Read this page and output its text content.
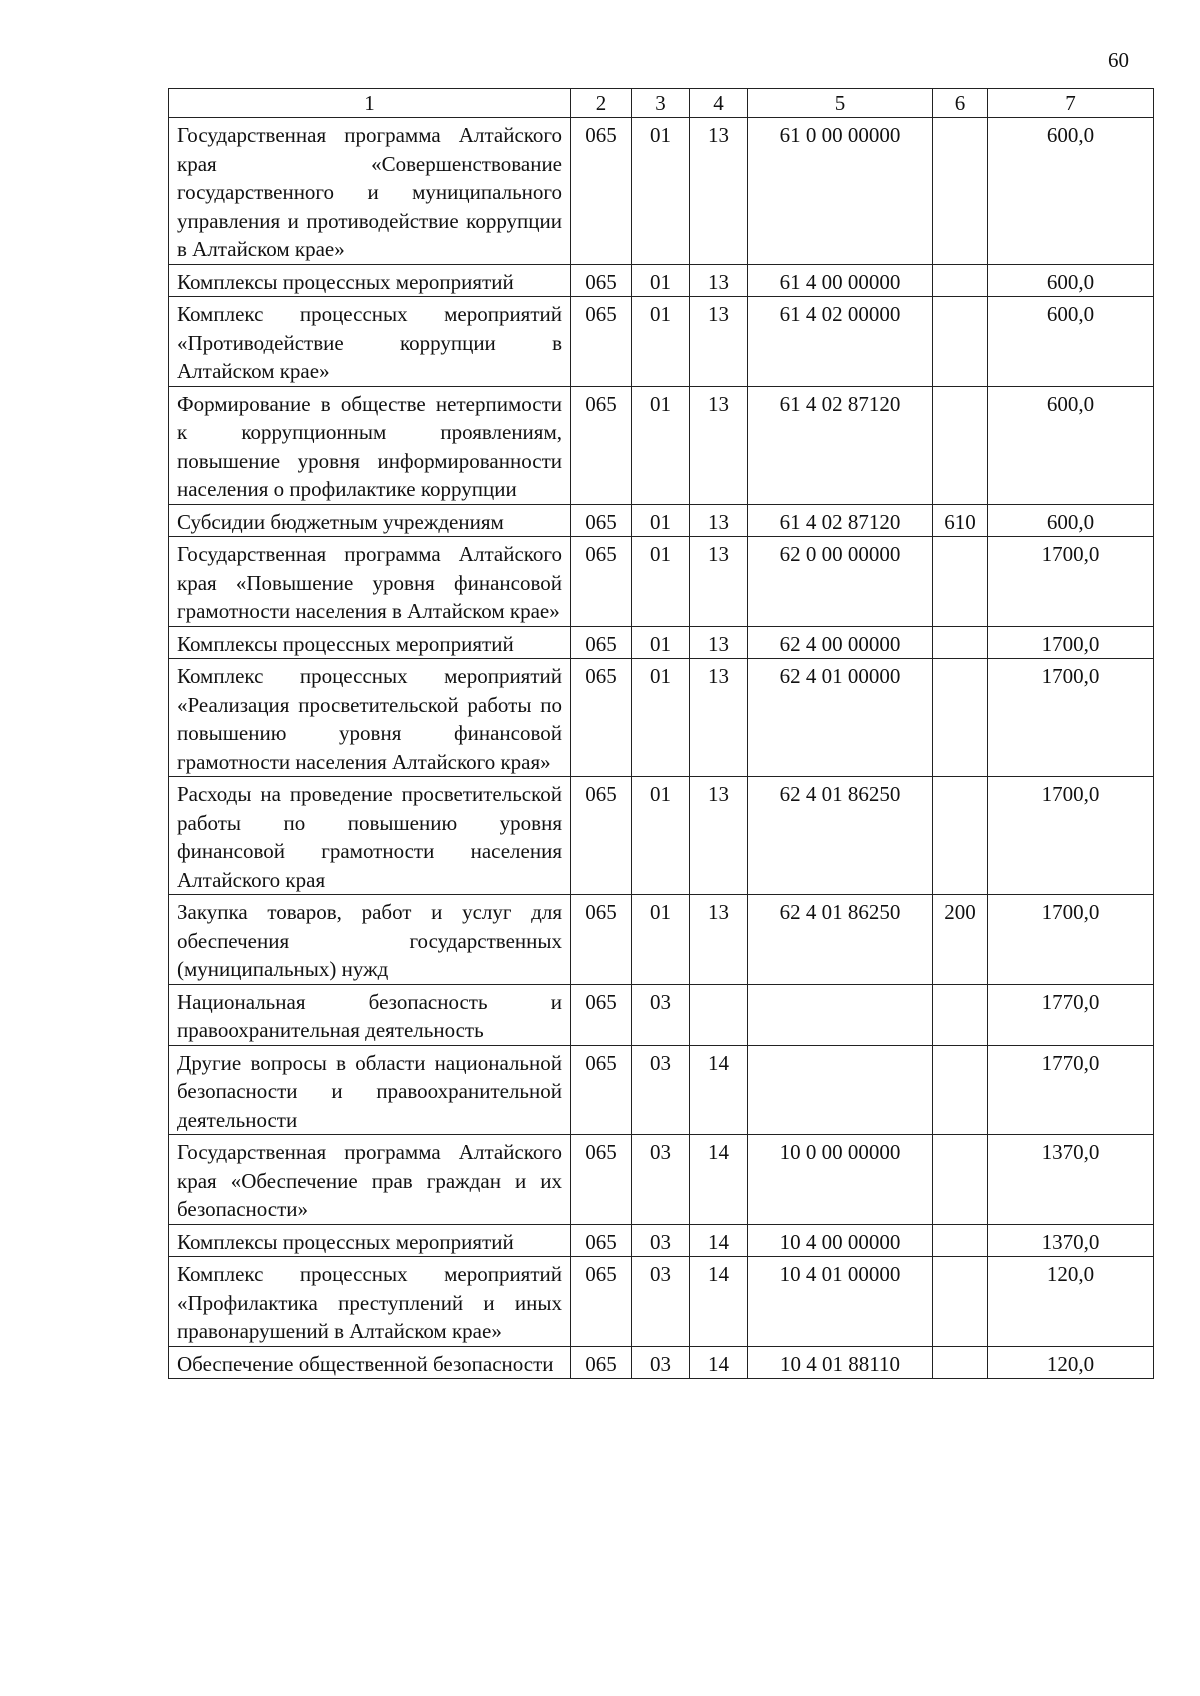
60
1	2	3	4	5	6	7
Государственная программа Алтайского края «Совершенствование государственного и муниципального управления и противодействие коррупции в Алтайском крае»	065	01	13	61 0 00 00000		600,0
Комплексы процессных мероприятий	065	01	13	61 4 00 00000		600,0
Комплекс процессных мероприятий «Противодействие коррупции в Алтайском крае»	065	01	13	61 4 02 00000		600,0
Формирование в обществе нетерпимости к коррупционным проявлениям, повышение уровня информированности населения о профилактике коррупции	065	01	13	61 4 02 87120		600,0
Субсидии бюджетным учреждениям	065	01	13	61 4 02 87120	610	600,0
Государственная программа Алтайского края «Повышение уровня финансовой грамотности населения в Алтайском крае»	065	01	13	62 0 00 00000		1700,0
Комплексы процессных мероприятий	065	01	13	62 4 00 00000		1700,0
Комплекс процессных мероприятий «Реализация просветительской работы по повышению уровня финансовой грамотности населения Алтайского края»	065	01	13	62 4 01 00000		1700,0
Расходы на проведение просветительской работы по повышению уровня финансовой грамотности населения Алтайского края	065	01	13	62 4 01 86250		1700,0
Закупка товаров, работ и услуг для обеспечения государственных (муниципальных) нужд	065	01	13	62 4 01 86250	200	1700,0
Национальная безопасность и правоохранительная деятельность	065	03				1770,0
Другие вопросы в области национальной безопасности и правоохранительной деятельности	065	03	14			1770,0
Государственная программа Алтайского края «Обеспечение прав граждан и их безопасности»	065	03	14	10 0 00 00000		1370,0
Комплексы процессных мероприятий	065	03	14	10 4 00 00000		1370,0
Комплекс процессных мероприятий «Профилактика преступлений и иных правонарушений в Алтайском крае»	065	03	14	10 4 01 00000		120,0
Обеспечение общественной безопасности	065	03	14	10 4 01 88110		120,0
